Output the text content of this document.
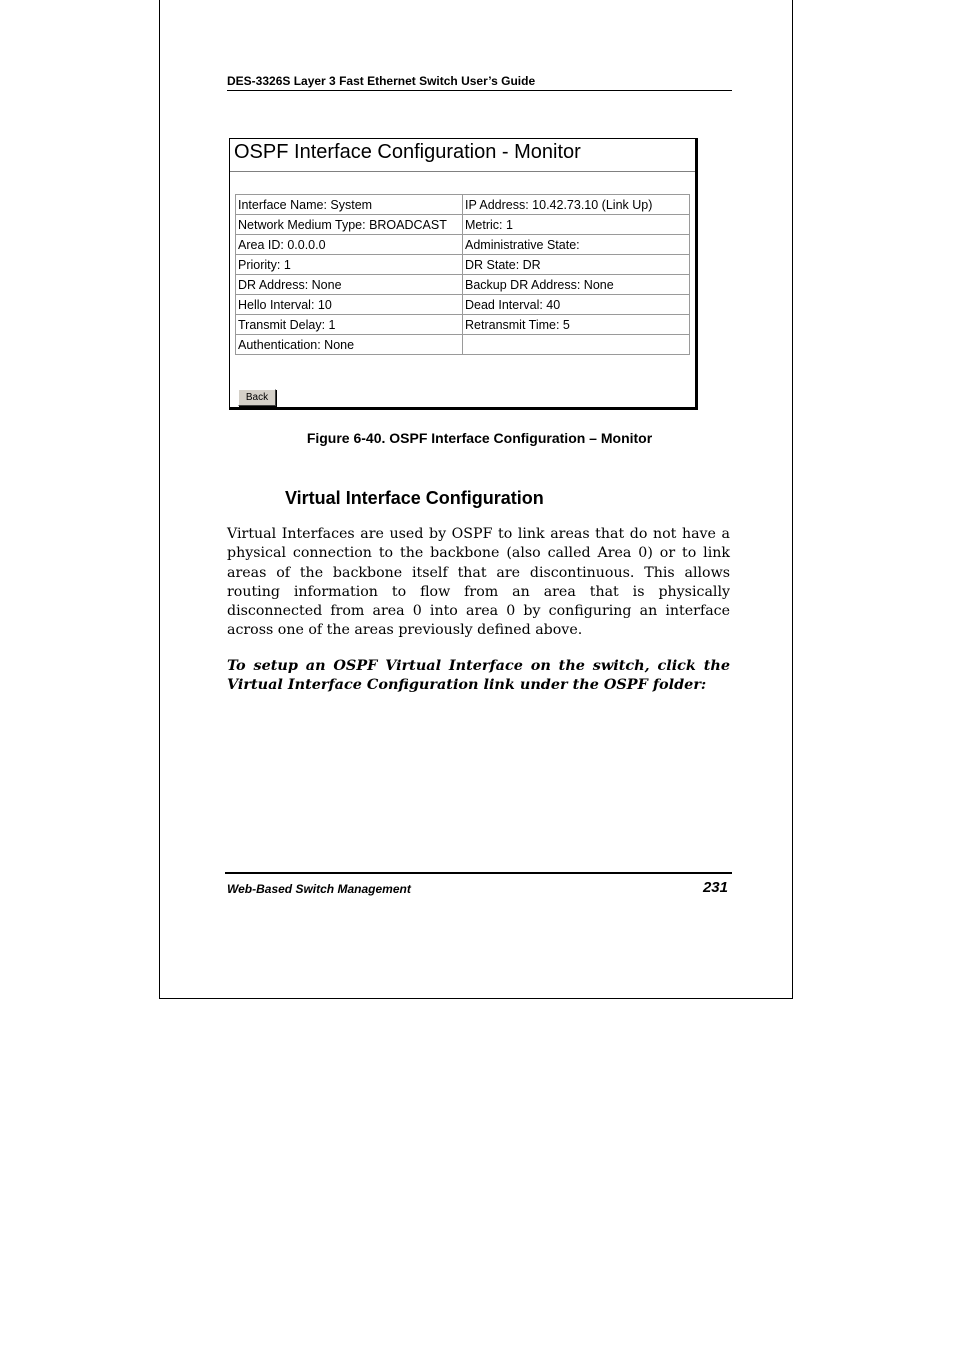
DES-3326S Layer 3 Fast Ethernet Switch User’s Guide
OSPF Interface Configuration - Monitor
Interface Name: System	IP Address: 10.42.73.10 (Link Up)
Network Medium Type: BROADCAST	Metric: 1
Area ID: 0.0.0.0	Administrative State:
Priority: 1	DR State: DR
DR Address: None	Backup DR Address: None
Hello Interval: 10	Dead Interval: 40
Transmit Delay: 1	Retransmit Time: 5
Authentication: None	
Back
Figure 6-40. OSPF Interface Configuration – Monitor
Virtual Interface Configuration

Virtual Interfaces are used by OSPF to link areas that do not have a physical connection to the backbone (also called Area 0) or to link areas of the backbone itself that are discontinuous. This allows routing information to flow from an area that is physically disconnected from area 0 into area 0 by configuring an interface across one of the areas previously defined above.

To setup an OSPF Virtual Interface on the switch, click the Virtual Interface Configuration link under the OSPF folder:

Web-Based Switch Management	231
